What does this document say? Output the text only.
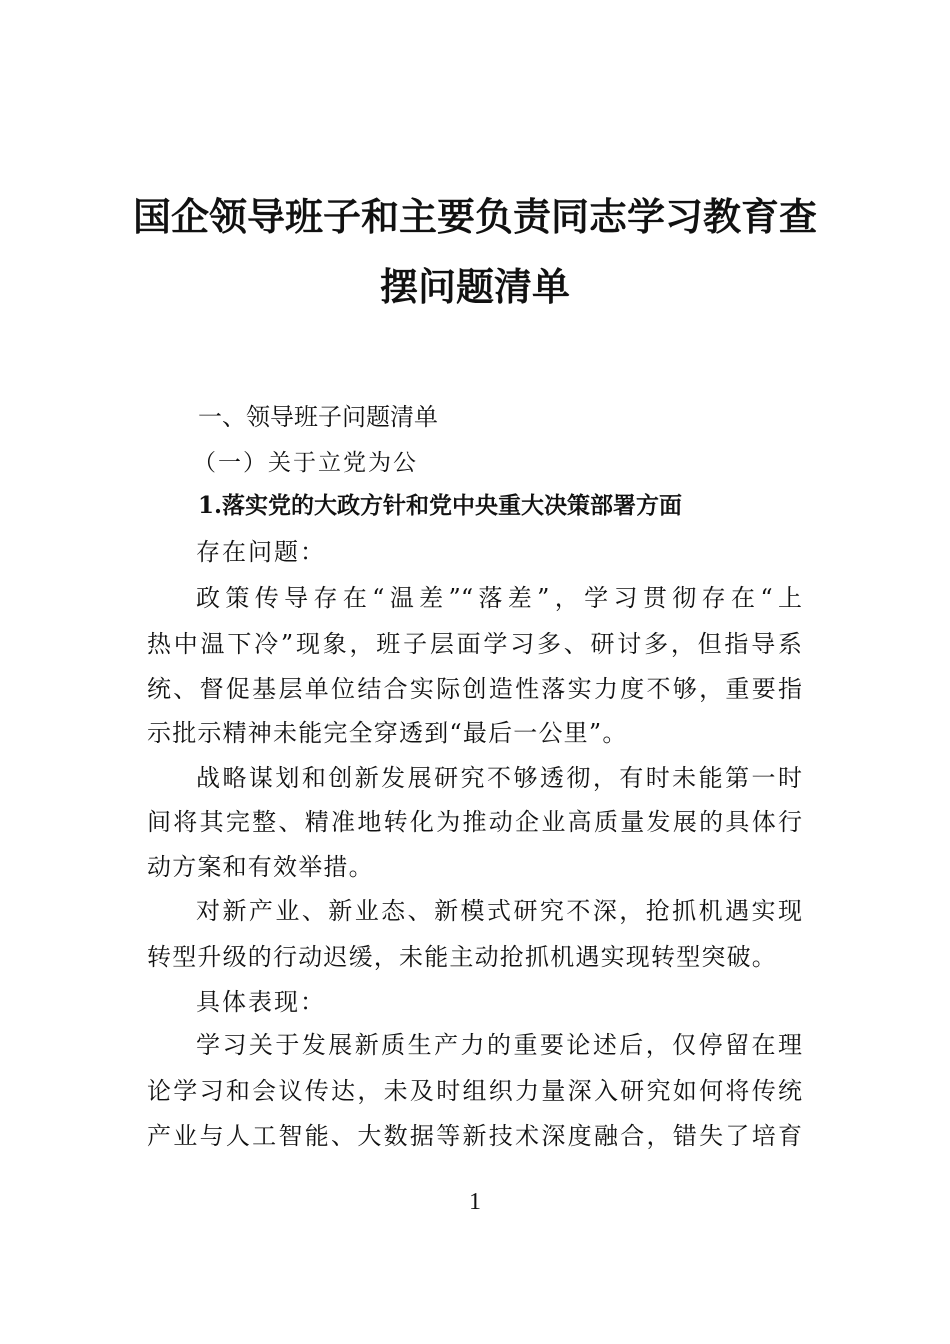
国企领导班子和主要负责同志学习教育查
摆问题清单
一、领导班子问题清单
（一）关于立党为公
1.落实党的大政方针和党中央重大决策部署方面
存在问题：
政策传导存在“温差”“落差”，学习贯彻存在“上
热中温下冷”现象，班子层面学习多、研讨多，但指导系
统、督促基层单位结合实际创造性落实力度不够，重要指
示批示精神未能完全穿透到“最后一公里”。
战略谋划和创新发展研究不够透彻，有时未能第一时
间将其完整、精准地转化为推动企业高质量发展的具体行
动方案和有效举措。
对新产业、新业态、新模式研究不深，抢抓机遇实现
转型升级的行动迟缓，未能主动抢抓机遇实现转型突破。
具体表现：
学习关于发展新质生产力的重要论述后，仅停留在理
论学习和会议传达，未及时组织力量深入研究如何将传统
产业与人工智能、大数据等新技术深度融合，错失了培育
1
